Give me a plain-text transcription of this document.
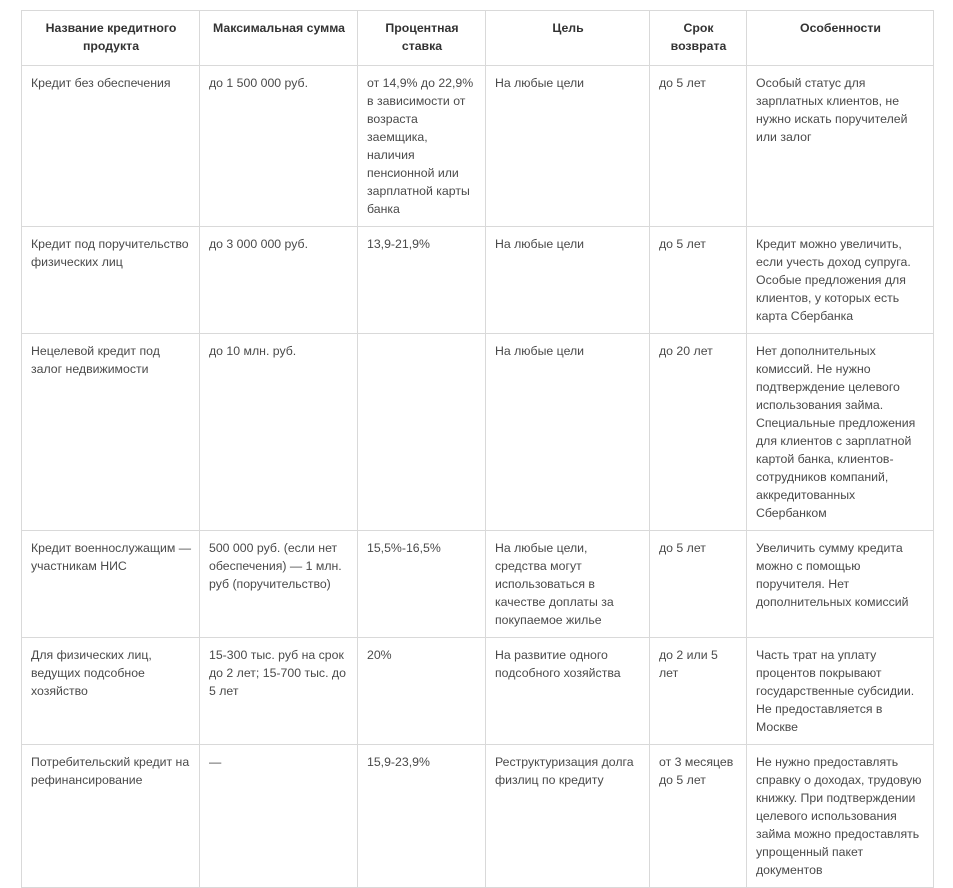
Название кредитного продукта	Максимальная сумма	Процентная ставка	Цель	Срок возврата	Особенности
Кредит без обеспечения	до 1 500 000 руб.	от 14,9% до 22,9% в зависимости от возраста заемщика, наличия пенсионной или зарплатной карты банка	На любые цели	до 5 лет	Особый статус для зарплатных клиентов, не нужно искать поручителей или залог
Кредит под поручительство физических лиц	до 3 000 000 руб.	13,9-21,9%	На любые цели	до 5 лет	Кредит можно увеличить, если учесть доход супруга. Особые предложения для клиентов, у которых есть карта Сбербанка
Нецелевой кредит под залог недвижимости	до 10 млн. руб.		На любые цели	до 20 лет	Нет дополнительных комиссий. Не нужно подтверждение целевого использования займа. Специальные предложения для клиентов с зарплатной картой банка, клиентов-сотрудников компаний, аккредитованных Сбербанком
Кредит военнослужащим — участникам НИС	500 000 руб. (если нет обеспечения) — 1 млн. руб (поручительство)	15,5%-16,5%	На любые цели, средства могут использоваться в качестве доплаты за покупаемое жилье	до 5 лет	Увеличить сумму кредита можно с помощью поручителя. Нет дополнительных комиссий
Для физических лиц, ведущих подсобное хозяйство	15-300 тыс. руб на срок до 2 лет; 15-700 тыс. до 5 лет	20%	На развитие одного подсобного хозяйства	до 2 или 5 лет	Часть трат на уплату процентов покрывают государственные субсидии. Не предоставляется в Москве
Потребительский кредит на рефинансирование	—	15,9-23,9%	Реструктуризация долга физлиц по кредиту	от 3 месяцев до 5 лет	Не нужно предоставлять справку о доходах, трудовую книжку. При подтверждении целевого использования займа можно предоставлять упрощенный пакет документов
